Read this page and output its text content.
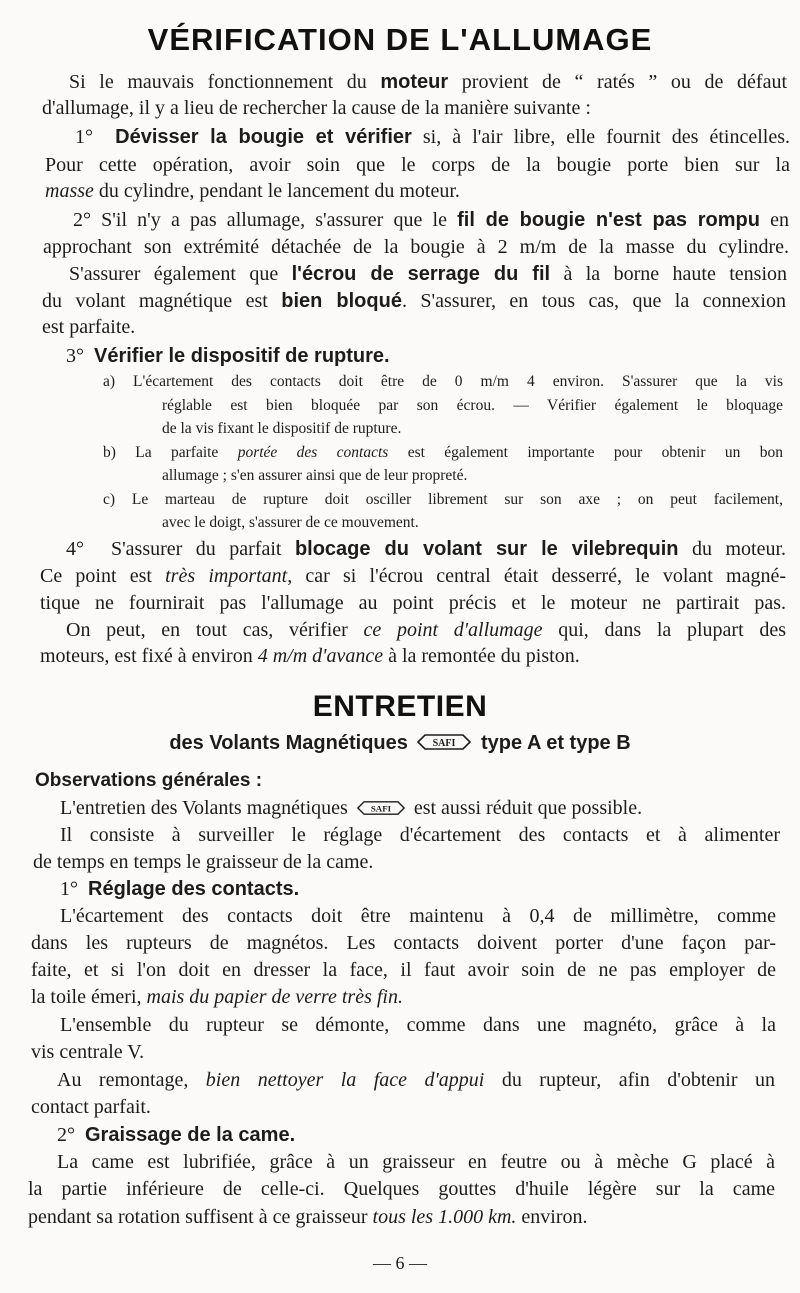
VÉRIFICATION DE L'ALLUMAGE
Si le mauvais fonctionnement du moteur provient de “ ratés ” ou de défaut
d'allumage, il y a lieu de rechercher la cause de la manière suivante :
1° Dévisser la bougie et vérifier si, à l'air libre, elle fournit des étincelles.
Pour cette opération, avoir soin que le corps de la bougie porte bien sur la
masse du cylindre, pendant le lancement du moteur.
2° S'il n'y a pas allumage, s'assurer que le fil de bougie n'est pas rompu en
approchant son extrémité détachée de la bougie à 2 m/m de la masse du cylindre.
S'assurer également que l'écrou de serrage du fil à la borne haute tension
du volant magnétique est bien bloqué. S'assurer, en tous cas, que la connexion
est parfaite.
3° Vérifier le dispositif de rupture.
a) L'écartement des contacts doit être de 0 m/m 4 environ. S'assurer que la vis
réglable est bien bloquée par son écrou. — Vérifier également le bloquage
de la vis fixant le dispositif de rupture.
b) La parfaite portée des contacts est également importante pour obtenir un bon
allumage ; s'en assurer ainsi que de leur propreté.
c) Le marteau de rupture doit osciller librement sur son axe ; on peut facilement,
avec le doigt, s'assurer de ce mouvement.
4° S'assurer du parfait blocage du volant sur le vilebrequin du moteur.
Ce point est très important, car si l'écrou central était desserré, le volant magné-
tique ne fournirait pas l'allumage au point précis et le moteur ne partirait pas.
On peut, en tout cas, vérifier ce point d'allumage qui, dans la plupart des
moteurs, est fixé à environ 4 m/m d'avance à la remontée du piston.
ENTRETIEN
des Volants Magnétiques	SAFI type A et type B
Observations générales :
L'entretien des Volants magnétiques SAFI est aussi réduit que possible.
Il consiste à surveiller le réglage d'écartement des contacts et à alimenter
de temps en temps le graisseur de la came.
1° Réglage des contacts.
L'écartement des contacts doit être maintenu à 0,4 de millimètre, comme
dans les rupteurs de magnétos. Les contacts doivent porter d'une façon par-
faite, et si l'on doit en dresser la face, il faut avoir soin de ne pas employer de
la toile émeri, mais du papier de verre très fin.
L'ensemble du rupteur se démonte, comme dans une magnéto, grâce à la
vis centrale V.
Au remontage, bien nettoyer la face d'appui du rupteur, afin d'obtenir un
contact parfait.
2° Graissage de la came.
La came est lubrifiée, grâce à un graisseur en feutre ou à mèche G placé à
la partie inférieure de celle-ci. Quelques gouttes d'huile légère sur la came
pendant sa rotation suffisent à ce graisseur tous les 1.000 km. environ.
— 6 —
